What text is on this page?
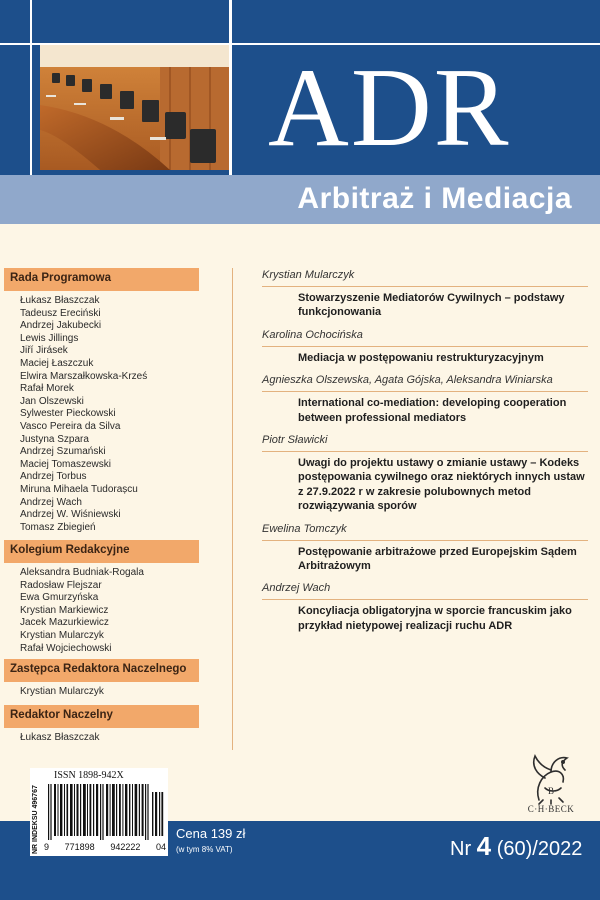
ADR
Arbitraż i Mediacja
Rada Programowa
Łukasz Błaszczak
Tadeusz Ereciński
Andrzej Jakubecki
Lewis Jillings
Jiří Jirásek
Maciej Łaszczuk
Elwira Marszałkowska-Krześ
Rafał Morek
Jan Olszewski
Sylwester Pieckowski
Vasco Pereira da Silva
Justyna Szpara
Andrzej Szumański
Maciej Tomaszewski
Andrzej Torbus
Miruna Mihaela Tudorașcu
Andrzej Wach
Andrzej W. Wiśniewski
Tomasz Zbiegień
Kolegium Redakcyjne
Aleksandra Budniak-Rogala
Radosław Flejszar
Ewa Gmurzyńska
Krystian Markiewicz
Jacek Mazurkiewicz
Krystian Mularczyk
Rafał Wojciechowski
Zastępca Redaktora Naczelnego
Krystian Mularczyk
Redaktor Naczelny
Łukasz Błaszczak
Krystian Mularczyk
Stowarzyszenie Mediatorów Cywilnych – podstawy funkcjonowania
Karolina Ochocińska
Mediacja w postępowaniu restrukturyzacyjnym
Agnieszka Olszewska, Agata Gójska, Aleksandra Winiarska
International co-mediation: developing cooperation between professional mediators
Piotr Sławicki
Uwagi do projektu ustawy o zmianie ustawy – Kodeks postępowania cywilnego oraz niektórych innych ustaw z 27.9.2022 r w zakresie polubownych metod rozwiązywania sporów
Ewelina Tomczyk
Postępowanie arbitrażowe przed Europejskim Sądem Arbitrażowym
Andrzej Wach
Koncyliacja obligatoryjna w sporcie francuskim jako przykład nietypowej realizacji ruchu ADR
B
C·H·BECK
ISSN 1898-942X
NR INDEKSU 496767 9 771898 942222 04
Cena 139 zł
(w tym 8% VAT)	Nr 4 (60)/2022
